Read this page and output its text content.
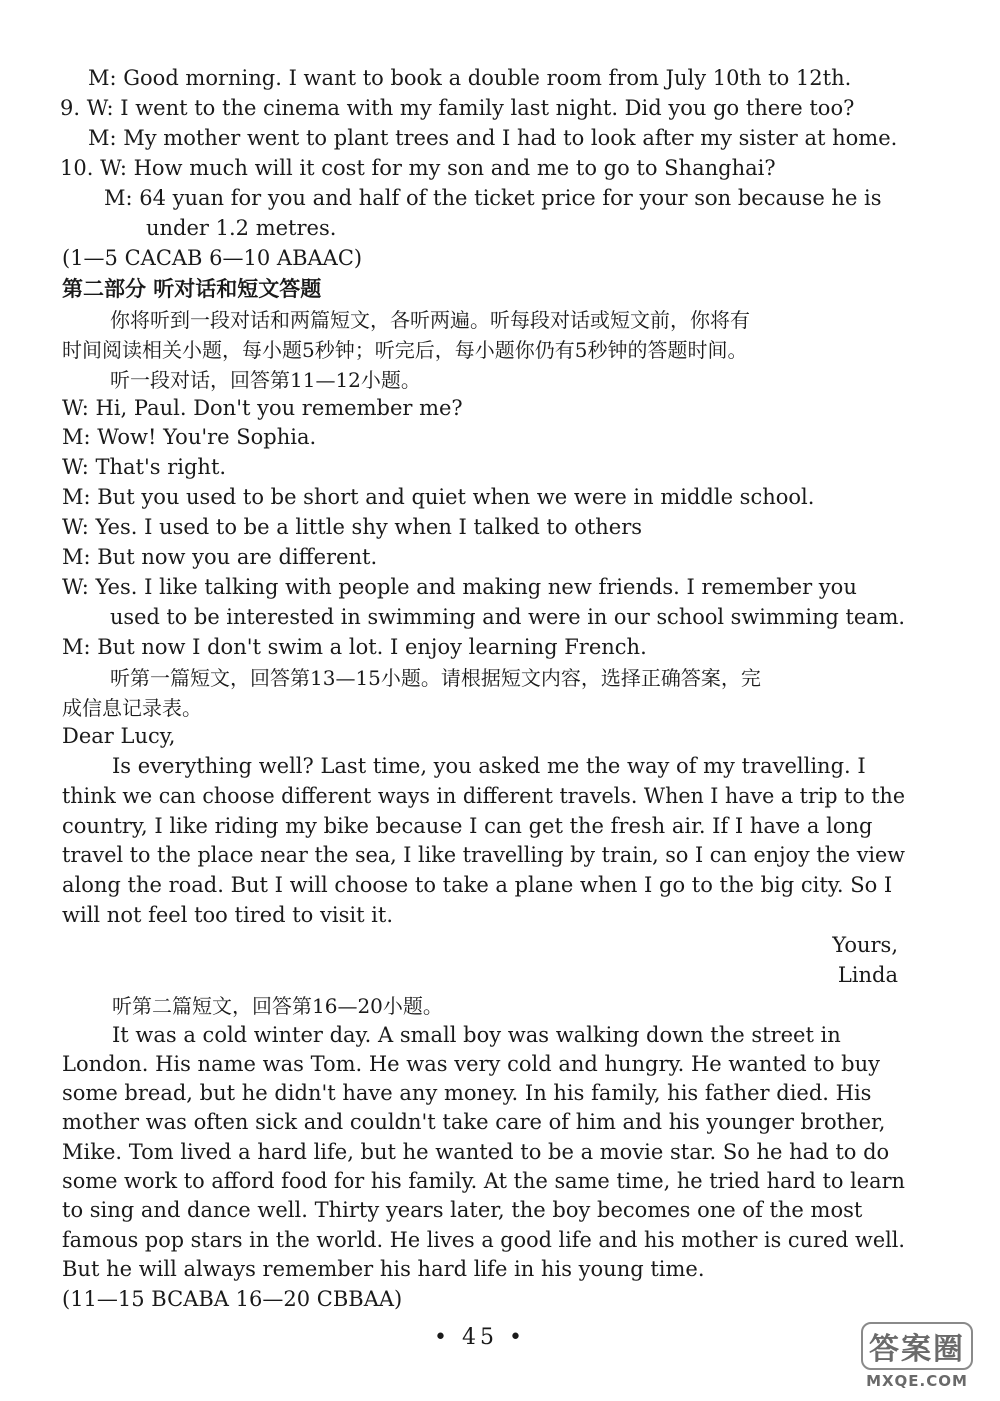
M: Good morning. I want to book a double room from July 10th to 12th.
9. W: I went to the cinema with my family last night. Did you go there too?
M: My mother went to plant trees and I had to look after my sister at home.
10. W: How much will it cost for my son and me to go to Shanghai?
M: 64 yuan for you and half of the ticket price for your son because he is
under 1.2 metres.
(1—5 CACAB 6—10 ABAAC)
第二部分 听对话和短文答题
你将听到一段对话和两篇短文，各听两遍。听每段对话或短文前，你将有
时间阅读相关小题，每小题5秒钟；听完后，每小题你仍有5秒钟的答题时间。
听一段对话，回答第11—12小题。
W: Hi, Paul. Don't you remember me?
M: Wow! You're Sophia.
W: That's right.
M: But you used to be short and quiet when we were in middle school.
W: Yes. I used to be a little shy when I talked to others
M: But now you are different.
W: Yes. I like talking with people and making new friends. I remember you
used to be interested in swimming and were in our school swimming team.
M: But now I don't swim a lot. I enjoy learning French.
听第一篇短文，回答第13—15小题。请根据短文内容，选择正确答案，完
成信息记录表。
Dear Lucy,
Is everything well? Last time, you asked me the way of my travelling. I
think we can choose different ways in different travels. When I have a trip to the
country, I like riding my bike because I can get the fresh air. If I have a long
travel to the place near the sea, I like travelling by train, so I can enjoy the view
along the road. But I will choose to take a plane when I go to the big city. So I
will not feel too tired to visit it.
Yours,
Linda
听第二篇短文，回答第16—20小题。
It was a cold winter day. A small boy was walking down the street in
London. His name was Tom. He was very cold and hungry. He wanted to buy
some bread, but he didn't have any money. In his family, his father died. His
mother was often sick and couldn't take care of him and his younger brother,
Mike. Tom lived a hard life, but he wanted to be a movie star. So he had to do
some work to afford food for his family. At the same time, he tried hard to learn
to sing and dance well. Thirty years later, the boy becomes one of the most
famous pop stars in the world. He lives a good life and his mother is cured well.
But he will always remember his hard life in his young time.
(11—15 BCABA 16—20 CBBAA)
• 45 •	答案圈
MXQE.COM
